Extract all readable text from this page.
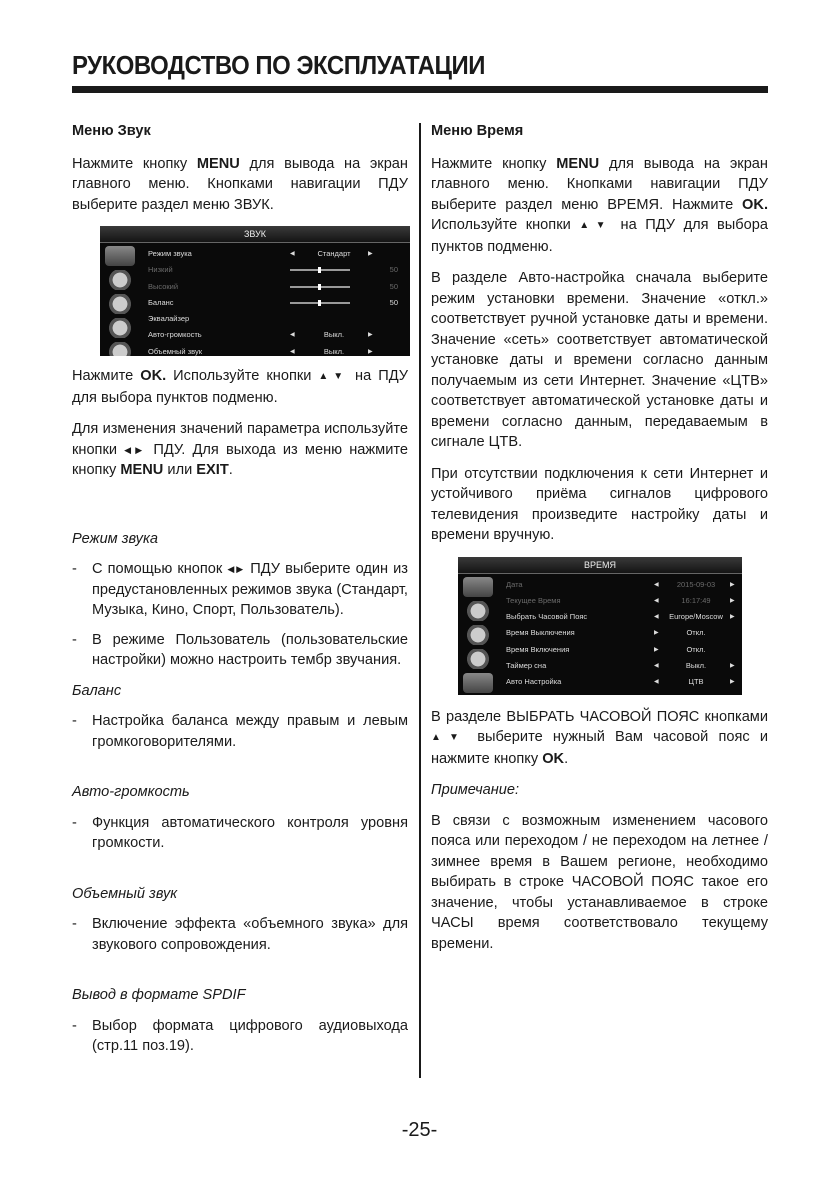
РУКОВОДСТВО ПО ЭКСПЛУАТАЦИИ
Меню Звук

Нажмите кнопку MENU для вывода на экран главного меню. Кнопками навигации ПДУ выберите раздел меню ЗВУК.

ЗВУК
Режим звука	◀	Стандарт	▶
Низкий	50
Высокий	50
Баланс	50
Эквалайзер
Авто-громкость	◀	Выкл.	▶
Объемный звук	◀	Выкл.	▶

Нажмите OK. Используйте кнопки ▲▼ на ПДУ для выбора пунктов подменю.

Для изменения значений параметра используйте кнопки ◀▶ ПДУ. Для выхода из меню нажмите кнопку MENU или EXIT.

Режим звука
- С помощью кнопок ◀▶ ПДУ выберите один из предустановленных режимов звука (Стандарт, Музыка, Кино, Спорт, Пользователь).
- В режиме Пользователь (пользовательские настройки) можно настроить тембр звучания.
Баланс
- Настройка баланса между правым и левым громкоговорителями.
Авто-громкость
- Функция автоматического контроля уровня громкости.
Объемный звук
- Включение эффекта «объемного звука» для звукового сопровождения.
Вывод в формате SPDIF
- Выбор формата цифрового аудиовыхода (стр.11 поз.19).
Меню Время

Нажмите кнопку MENU для вывода на экран главного меню. Кнопками навигации ПДУ выберите раздел меню ВРЕМЯ. Нажмите OK. Используйте кнопки ▲▼ на ПДУ для выбора пунктов подменю.

В разделе Авто-настройка сначала выберите режим установки времени. Значение «откл.» соответствует ручной установке даты и времени. Значение «сеть» соответствует автоматической установке даты и времени согласно данным получаемым из сети Интернет. Значение «ЦТВ» соответствует автоматической установке даты и времени согласно данным, передаваемым в сигнале ЦТВ.

При отсутствии подключения к сети Интернет и устойчивого приёма сигналов цифрового телевидения произведите настройку даты и времени вручную.

ВРЕМЯ
Дата	◀	2015-09-03	▶
Текущее Время	◀	16:17:49	▶
Выбрать Часовой Пояс	◀	Europe/Moscow	▶
Время Выключения	▶	Откл.
Время Включения	▶	Откл.
Таймер сна	◀	Выкл.	▶
Авто Настройка	◀	ЦТВ	▶

В разделе ВЫБРАТЬ ЧАСОВОЙ ПОЯС кнопками ▲▼ выберите нужный Вам часовой пояс и нажмите кнопку OK.

Примечание:

В связи с возможным изменением часового пояса или переходом / не переходом на летнее / зимнее время в Вашем регионе, необходимо выбирать в строке ЧАСОВОЙ ПОЯС такое его значение, чтобы устанавливаемое в строке ЧАСЫ время соответствовало текущему времени.

-25-
